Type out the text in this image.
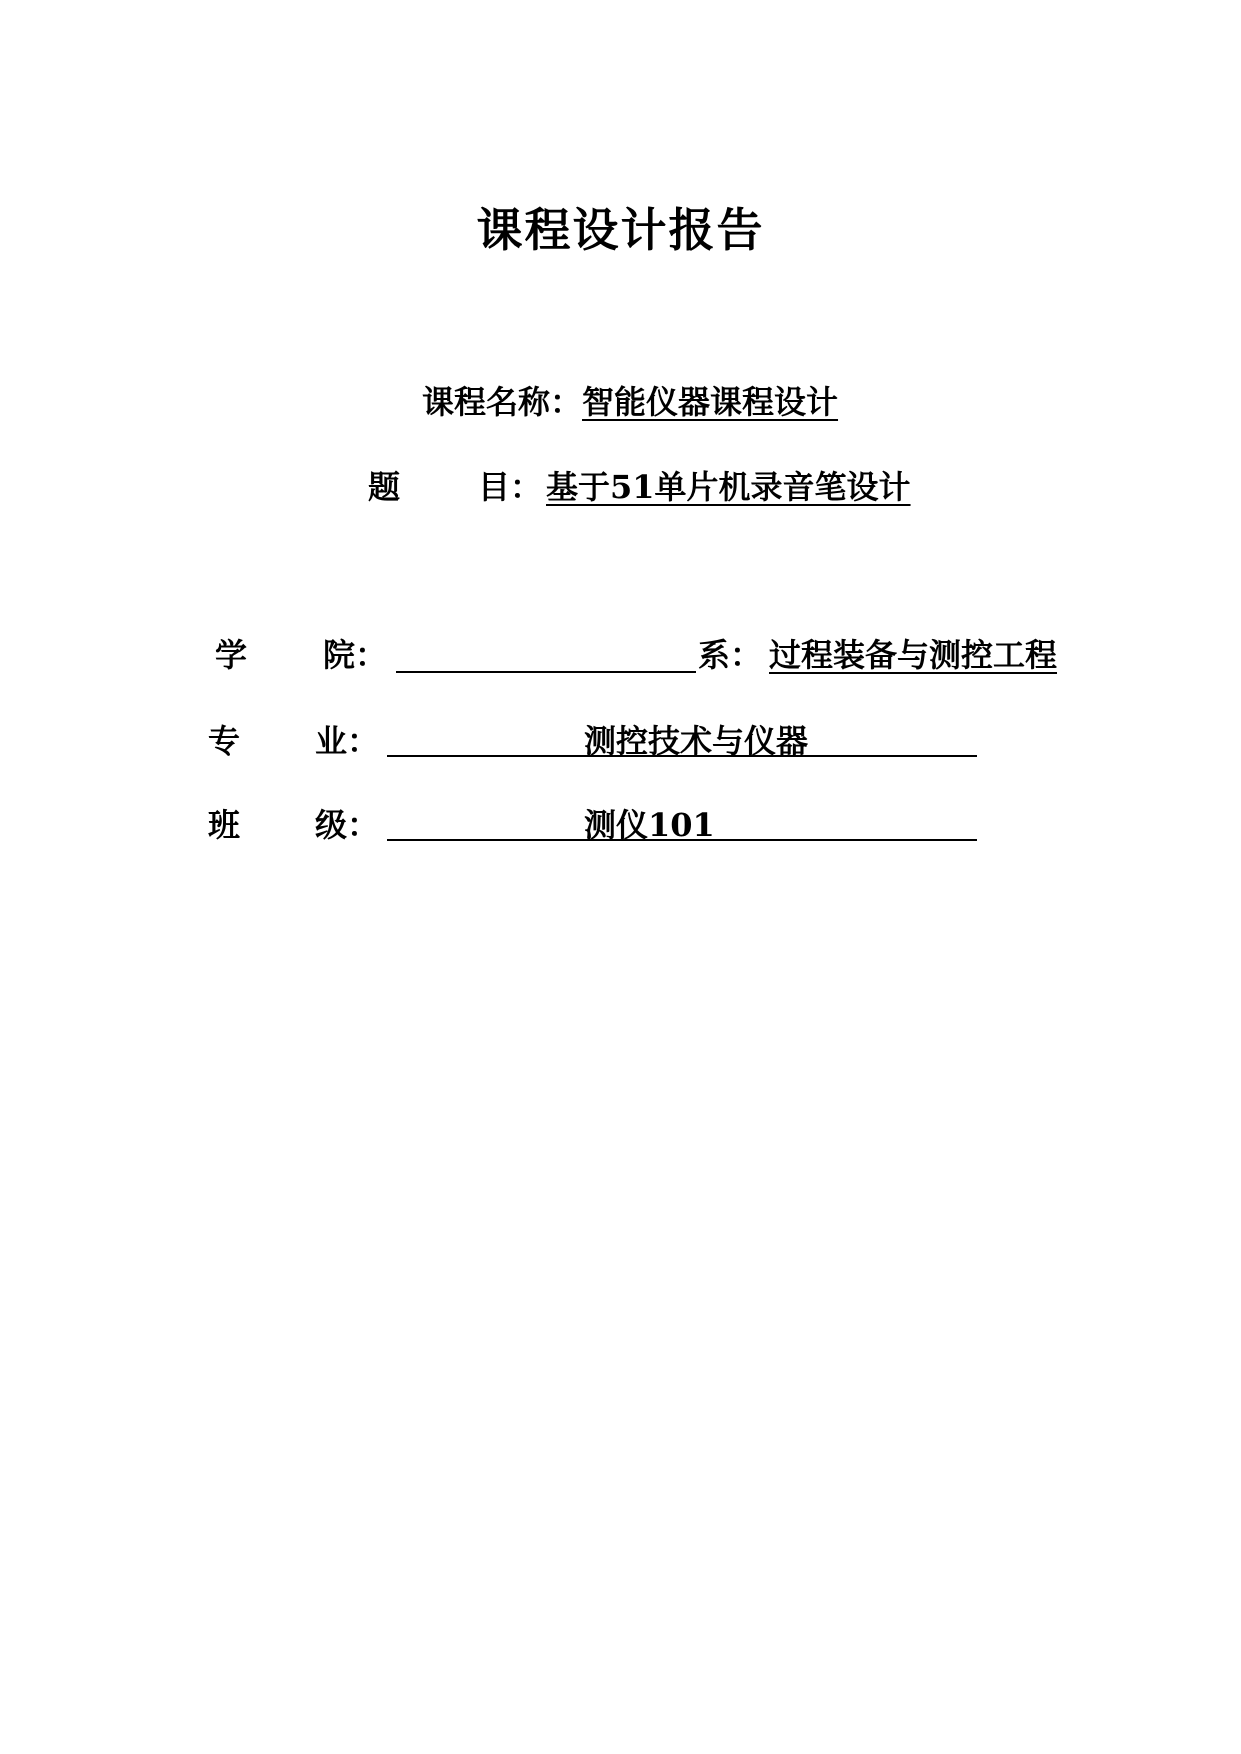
课程设计报告
课程名称：智能仪器课程设计
题 目： 基于51单片机录音笔设计
学 院：	系： 过程装备与测控工程
专 业：	测控技术与仪器
班 级：	测仪101
